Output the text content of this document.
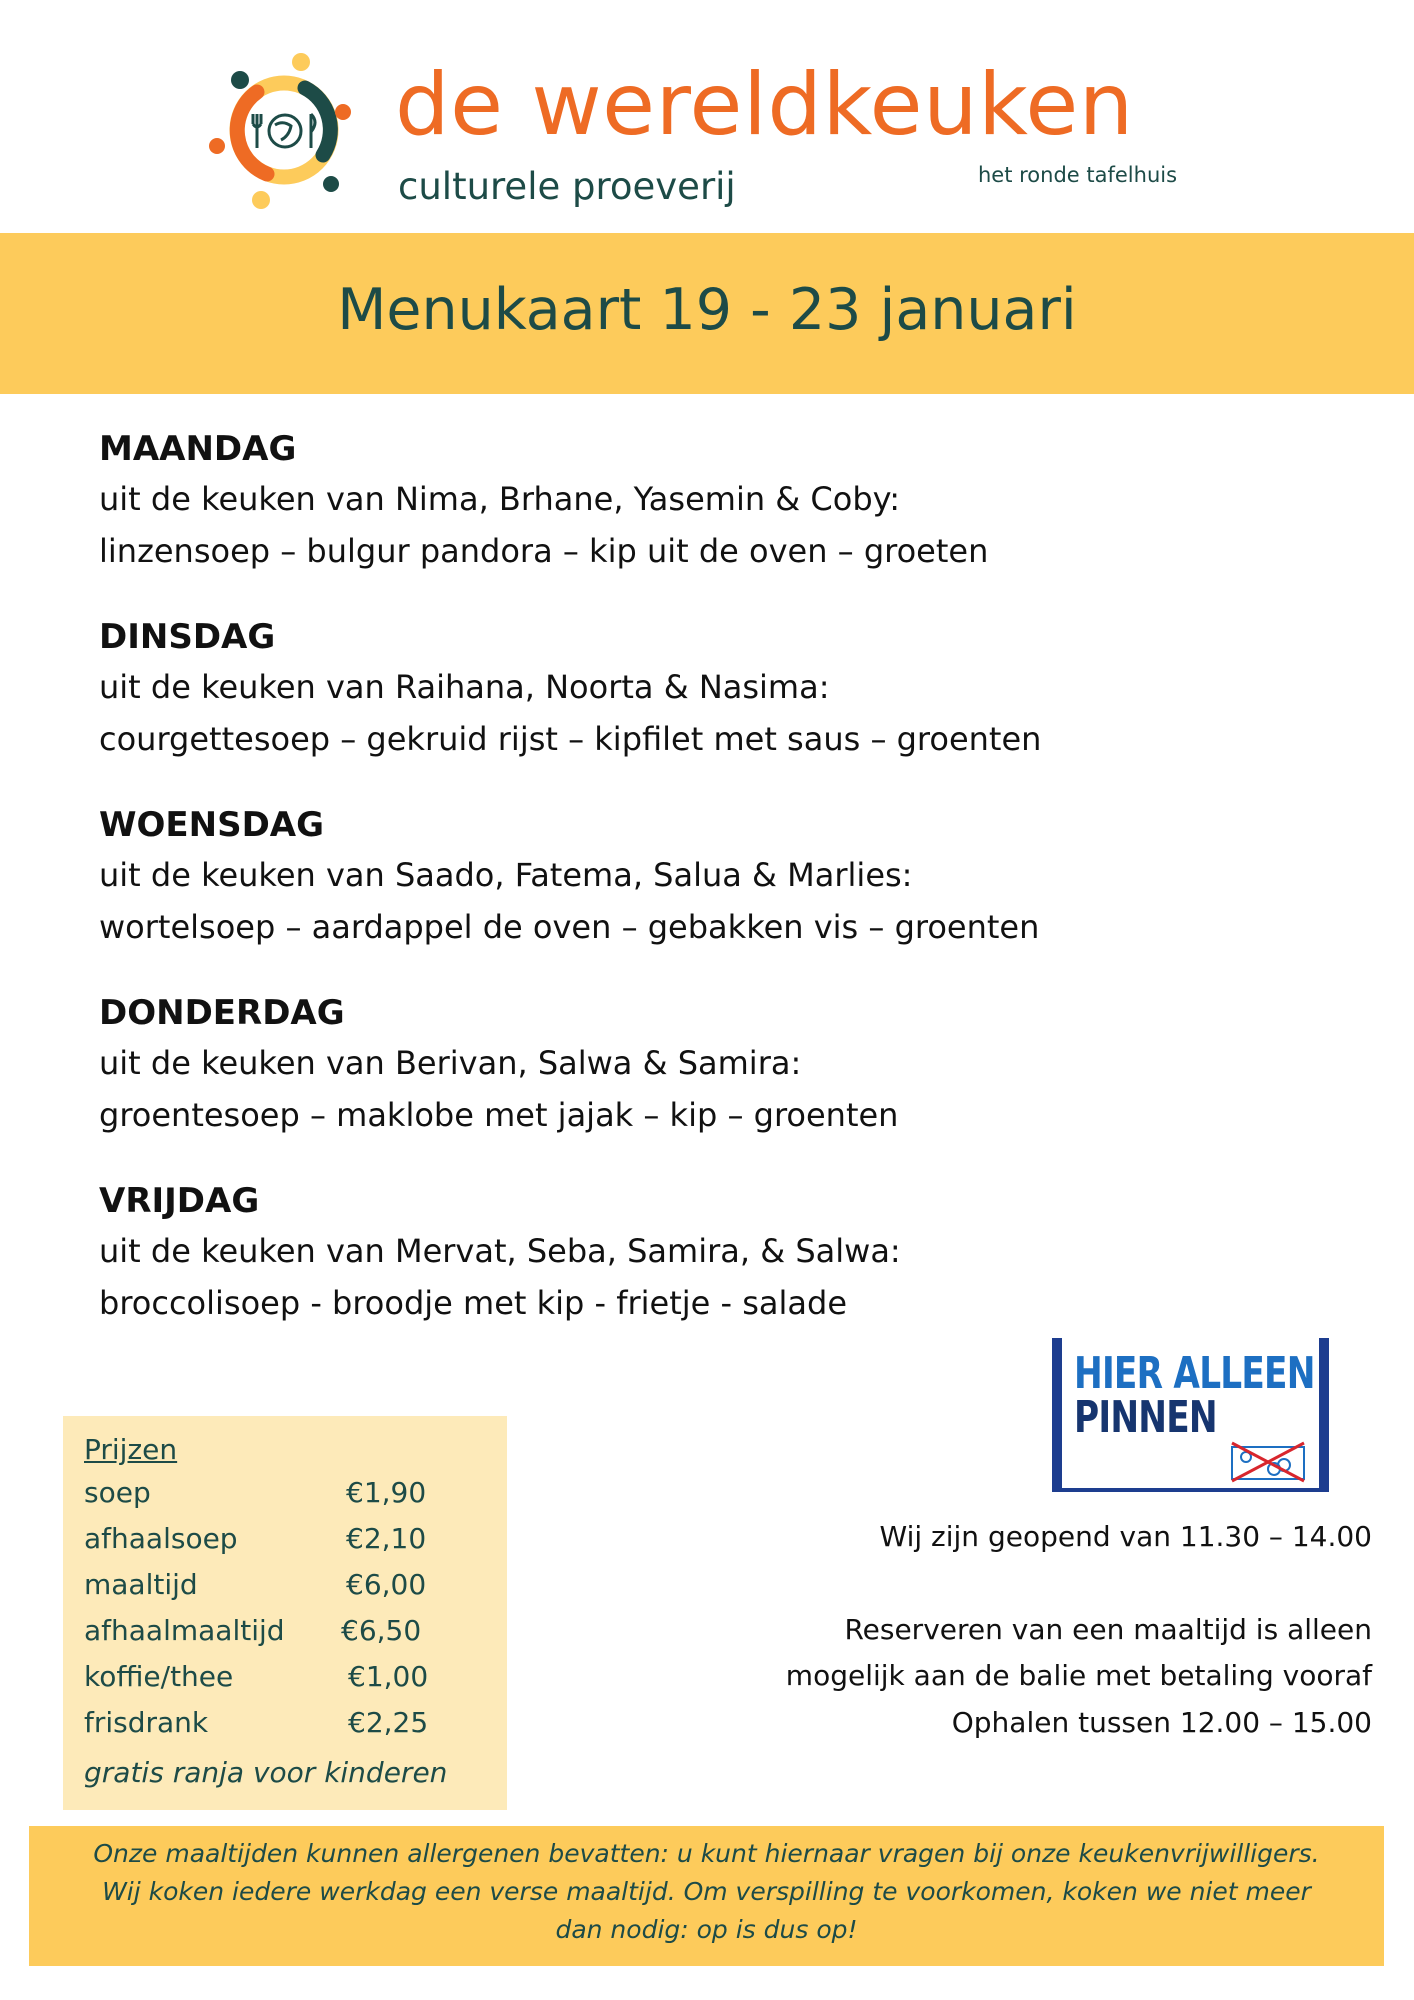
de wereldkeuken
culturele proeverij	het ronde tafelhuis
Menukaart 19 - 23 januari
MAANDAG
uit de keuken van Nima, Brhane, Yasemin & Coby:
linzensoep – bulgur pandora – kip uit de oven – groeten
DINSDAG
uit de keuken van Raihana, Noorta & Nasima:
courgettesoep – gekruid rijst – kipfilet met saus – groenten
WOENSDAG
uit de keuken van Saado, Fatema, Salua & Marlies:
wortelsoep – aardappel de oven – gebakken vis – groenten
DONDERDAG
uit de keuken van Berivan, Salwa & Samira:
groentesoep – maklobe met jajak – kip – groenten
VRIJDAG
uit de keuken van Mervat, Seba, Samira, & Salwa:
broccolisoep - broodje met kip - frietje - salade
Prijzen
soep	€1,90
afhaalsoep	€2,10
maaltijd	€6,00
afhaalmaaltijd €6,50
koffie/thee	€1,00
frisdrank	€2,25
gratis ranja voor kinderen
HIER ALLEEN
PINNEN
Wij zijn geopend van 11.30 – 14.00
Reserveren van een maaltijd is alleen
mogelijk aan de balie met betaling vooraf
Ophalen tussen 12.00 – 15.00
Onze maaltijden kunnen allergenen bevatten: u kunt hiernaar vragen bij onze keukenvrijwilligers.
Wij koken iedere werkdag een verse maaltijd. Om verspilling te voorkomen, koken we niet meer
dan nodig: op is dus op!
